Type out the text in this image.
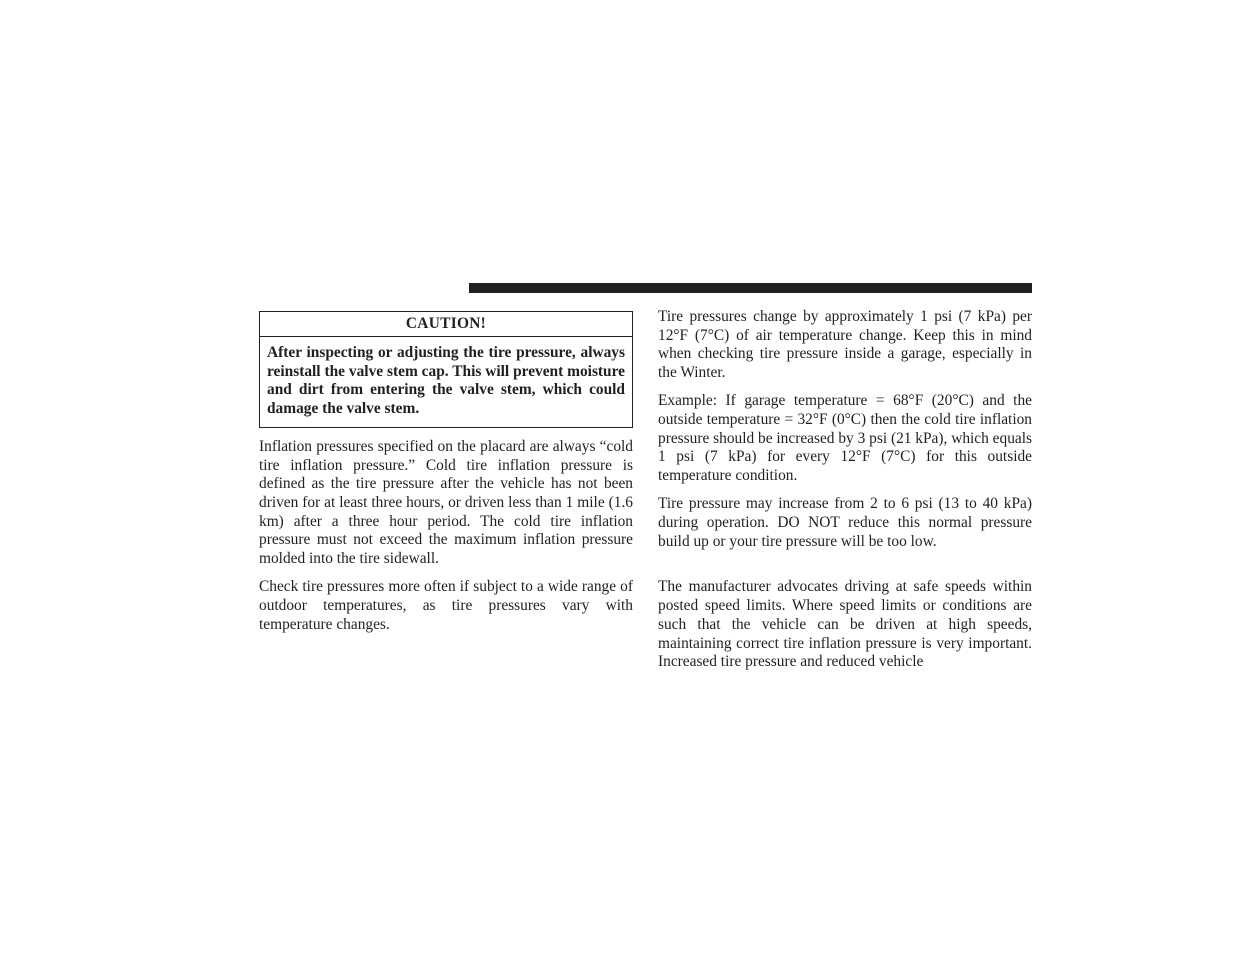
CAUTION!
After inspecting or adjusting the tire pressure, always reinstall the valve stem cap. This will prevent moisture and dirt from entering the valve stem, which could damage the valve stem.

Inflation pressures specified on the placard are always “cold tire inflation pressure.” Cold tire inflation pressure is defined as the tire pressure after the vehicle has not been driven for at least three hours, or driven less than 1 mile (1.6 km) after a three hour period. The cold tire inflation pressure must not exceed the maximum inflation pressure molded into the tire sidewall.

Check tire pressures more often if subject to a wide range of outdoor temperatures, as tire pressures vary with temperature changes.

Tire pressures change by approximately 1 psi (7 kPa) per 12°F (7°C) of air temperature change. Keep this in mind when checking tire pressure inside a garage, especially in the Winter.

Example: If garage temperature = 68°F (20°C) and the outside temperature = 32°F (0°C) then the cold tire inflation pressure should be increased by 3 psi (21 kPa), which equals 1 psi (7 kPa) for every 12°F (7°C) for this outside temperature condition.

Tire pressure may increase from 2 to 6 psi (13 to 40 kPa) during operation. DO NOT reduce this normal pressure build up or your tire pressure will be too low.

The manufacturer advocates driving at safe speeds within posted speed limits. Where speed limits or conditions are such that the vehicle can be driven at high speeds, maintaining correct tire inflation pressure is very important. Increased tire pressure and reduced vehicle
